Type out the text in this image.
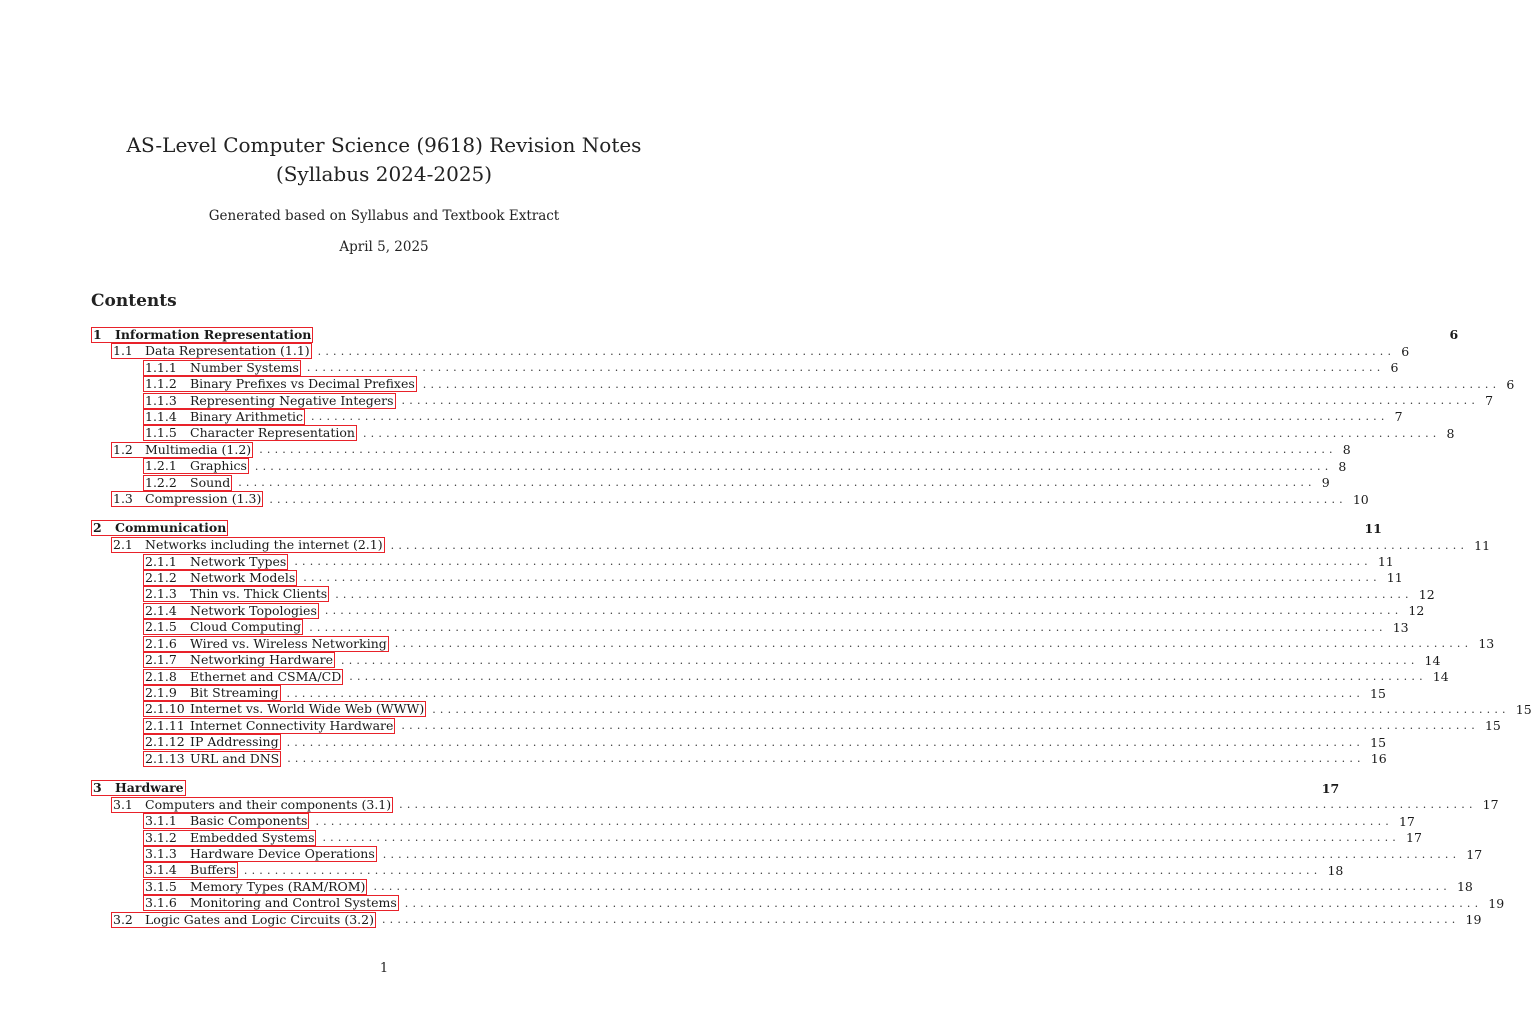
AS-Level Computer Science (9618) Revision Notes
(Syllabus 2024-2025)
Generated based on Syllabus and Textbook Extract
April 5, 2025
Contents
1	Information Representation	6
1.1 Data Representation (1.1) ............................................................................................................................................ 6
1.1.1	Number Systems ............................................................................................................................................ 6
1.1.2	Binary Prefixes vs Decimal Prefixes ............................................................................................................................................ 6
1.1.3	Representing Negative Integers ............................................................................................................................................ 7
1.1.4	Binary Arithmetic ............................................................................................................................................ 7
1.1.5	Character Representation ............................................................................................................................................ 8
1.2 Multimedia (1.2) ............................................................................................................................................ 8
1.2.1	Graphics ............................................................................................................................................ 8
1.2.2	Sound ............................................................................................................................................ 9
1.3 Compression (1.3) ............................................................................................................................................ 10
2	Communication	11
2.1 Networks including the internet (2.1) ............................................................................................................................................ 11
2.1.1	Network Types ............................................................................................................................................ 11
2.1.2	Network Models ............................................................................................................................................ 11
2.1.3	Thin vs. Thick Clients ............................................................................................................................................ 12
2.1.4	Network Topologies ............................................................................................................................................ 12
2.1.5	Cloud Computing ............................................................................................................................................ 13
2.1.6	Wired vs. Wireless Networking ............................................................................................................................................ 13
2.1.7	Networking Hardware ............................................................................................................................................ 14
2.1.8	Ethernet and CSMA/CD ............................................................................................................................................ 14
2.1.9	Bit Streaming ............................................................................................................................................ 15
2.1.10 Internet vs. World Wide Web (WWW) ............................................................................................................................................ 15
2.1.11 Internet Connectivity Hardware ............................................................................................................................................ 15
2.1.12 IP Addressing ............................................................................................................................................ 15
2.1.13 URL and DNS ............................................................................................................................................ 16
3	Hardware	17
3.1 Computers and their components (3.1) ............................................................................................................................................ 17
3.1.1	Basic Components ............................................................................................................................................ 17
3.1.2	Embedded Systems ............................................................................................................................................ 17
3.1.3	Hardware Device Operations ............................................................................................................................................ 17
3.1.4	Buffers ............................................................................................................................................ 18
3.1.5	Memory Types (RAM/ROM) ............................................................................................................................................ 18
3.1.6	Monitoring and Control Systems ............................................................................................................................................ 19
3.2 Logic Gates and Logic Circuits (3.2) ............................................................................................................................................ 19
1
